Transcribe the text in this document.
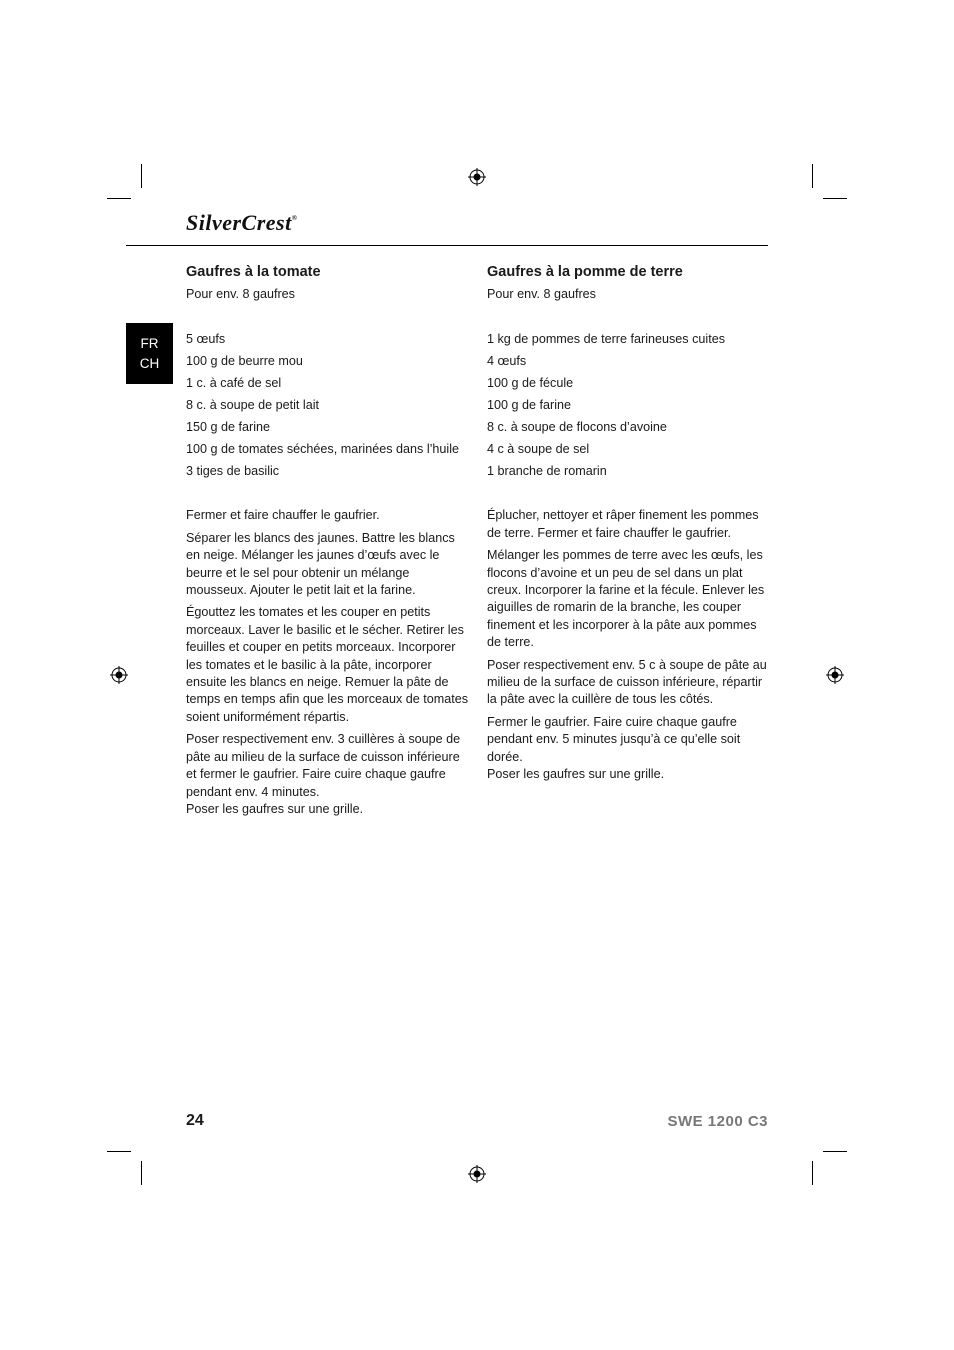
SilverCrest®
FR
CH
Gaufres à la tomate

Pour env. 8 gaufres

5 œufs
100 g de beurre mou
1 c. à café de sel
8 c. à soupe de petit lait
150 g de farine
100 g de tomates séchées, marinées dans l’huile
3 tiges de basilic

Fermer et faire chauffer le gaufrier.

Séparer les blancs des jaunes. Battre les blancs en neige. Mélanger les jaunes d’œufs avec le beurre et le sel pour obtenir un mélange mousseux. Ajouter le petit lait et la farine.

Égouttez les tomates et les couper en petits morceaux. Laver le basilic et le sécher. Retirer les feuilles et couper en petits morceaux. Incorporer les tomates et le basilic à la pâte, incorporer ensuite les blancs en neige. Remuer la pâte de temps en temps afin que les morceaux de tomates soient uniformément répartis.

Poser respectivement env. 3 cuillères à soupe de pâte au milieu de la surface de cuisson inférieure et fermer le gaufrier. Faire cuire chaque gaufre pendant env. 4 minutes.
Poser les gaufres sur une grille.

Gaufres à la pomme de terre

Pour env. 8 gaufres

1 kg de pommes de terre farineuses cuites
4 œufs
100 g de fécule
100 g de farine
8 c. à soupe de flocons d’avoine
4 c à soupe de sel
1 branche de romarin

Éplucher, nettoyer et râper finement les pommes de terre. Fermer et faire chauffer le gaufrier.

Mélanger les pommes de terre avec les œufs, les flocons d’avoine et un peu de sel dans un plat creux. Incorporer la farine et la fécule. Enlever les aiguilles de romarin de la branche, les couper finement et les incorporer à la pâte aux pommes de terre.

Poser respectivement env. 5 c à soupe de pâte au milieu de la surface de cuisson inférieure, répartir la pâte avec la cuillère de tous les côtés.

Fermer le gaufrier. Faire cuire chaque gaufre pendant env. 5 minutes jusqu’à ce qu’elle soit dorée.
Poser les gaufres sur une grille.

24	SWE 1200 C3
